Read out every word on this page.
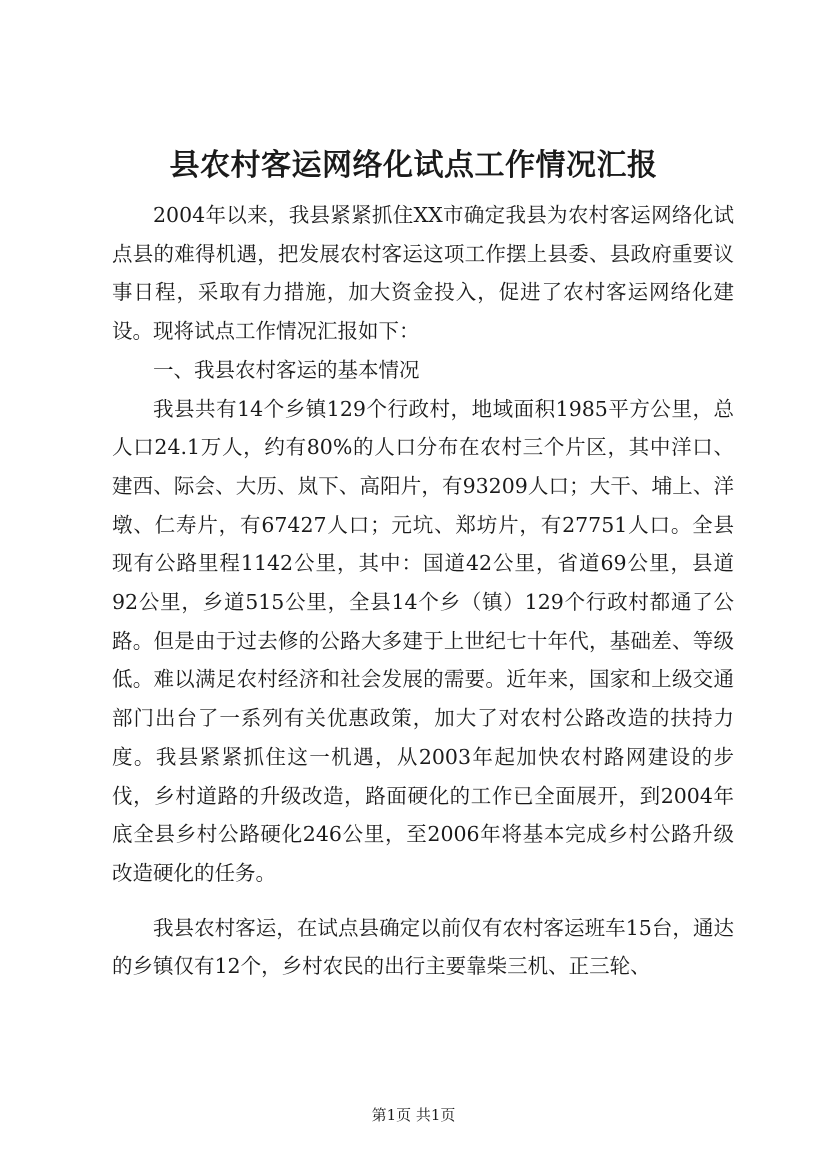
县农村客运网络化试点工作情况汇报

2004年以来，我县紧紧抓住XX市确定我县为农村客运网络化试点县的难得机遇，把发展农村客运这项工作摆上县委、县政府重要议事日程，采取有力措施，加大资金投入，促进了农村客运网络化建设。现将试点工作情况汇报如下：

一、我县农村客运的基本情况

我县共有14个乡镇129个行政村，地域面积1985平方公里，总人口24.1万人，约有80%的人口分布在农村三个片区，其中洋口、建西、际会、大历、岚下、高阳片，有93209人口；大干、埔上、洋墩、仁寿片，有67427人口；元坑、郑坊片，有27751人口。全县现有公路里程1142公里，其中：国道42公里，省道69公里，县道92公里，乡道515公里，全县14个乡（镇）129个行政村都通了公路。但是由于过去修的公路大多建于上世纪七十年代，基础差、等级低。难以满足农村经济和社会发展的需要。近年来，国家和上级交通部门出台了一系列有关优惠政策，加大了对农村公路改造的扶持力度。我县紧紧抓住这一机遇，从2003年起加快农村路网建设的步伐，乡村道路的升级改造，路面硬化的工作已全面展开，到2004年底全县乡村公路硬化246公里，至2006年将基本完成乡村公路升级改造硬化的任务。

我县农村客运，在试点县确定以前仅有农村客运班车15台，通达的乡镇仅有12个，乡村农民的出行主要靠柴三机、正三轮、

第1页 共1页
